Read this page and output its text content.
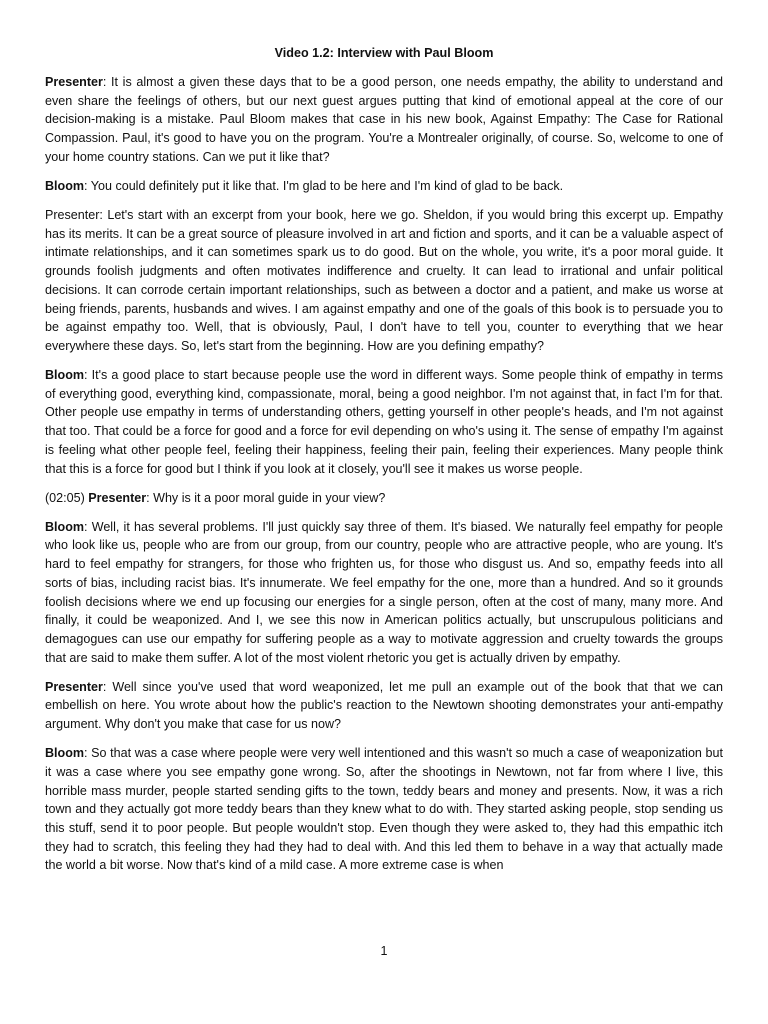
Video 1.2: Interview with Paul Bloom

Presenter: It is almost a given these days that to be a good person, one needs empathy, the ability to understand and even share the feelings of others, but our next guest argues putting that kind of emotional appeal at the core of our decision-making is a mistake. Paul Bloom makes that case in his new book, Against Empathy: The Case for Rational Compassion. Paul, it's good to have you on the program. You're a Montrealer originally, of course. So, welcome to one of your home country stations. Can we put it like that?

Bloom: You could definitely put it like that. I'm glad to be here and I'm kind of glad to be back.

Presenter: Let's start with an excerpt from your book, here we go. Sheldon, if you would bring this excerpt up. Empathy has its merits. It can be a great source of pleasure involved in art and fiction and sports, and it can be a valuable aspect of intimate relationships, and it can sometimes spark us to do good. But on the whole, you write, it's a poor moral guide. It grounds foolish judgments and often motivates indifference and cruelty. It can lead to irrational and unfair political decisions. It can corrode certain important relationships, such as between a doctor and a patient, and make us worse at being friends, parents, husbands and wives. I am against empathy and one of the goals of this book is to persuade you to be against empathy too. Well, that is obviously, Paul, I don't have to tell you, counter to everything that we hear everywhere these days. So, let's start from the beginning. How are you defining empathy?

Bloom: It's a good place to start because people use the word in different ways. Some people think of empathy in terms of everything good, everything kind, compassionate, moral, being a good neighbor. I'm not against that, in fact I'm for that. Other people use empathy in terms of understanding others, getting yourself in other people's heads, and I'm not against that too. That could be a force for good and a force for evil depending on who's using it. The sense of empathy I'm against is feeling what other people feel, feeling their happiness, feeling their pain, feeling their experiences. Many people think that this is a force for good but I think if you look at it closely, you'll see it makes us worse people.

(02:05) Presenter: Why is it a poor moral guide in your view?

Bloom: Well, it has several problems. I'll just quickly say three of them. It's biased. We naturally feel empathy for people who look like us, people who are from our group, from our country, people who are attractive people, who are young. It's hard to feel empathy for strangers, for those who frighten us, for those who disgust us. And so, empathy feeds into all sorts of bias, including racist bias. It's innumerate. We feel empathy for the one, more than a hundred. And so it grounds foolish decisions where we end up focusing our energies for a single person, often at the cost of many, many more. And finally, it could be weaponized. And I, we see this now in American politics actually, but unscrupulous politicians and demagogues can use our empathy for suffering people as a way to motivate aggression and cruelty towards the groups that are said to make them suffer. A lot of the most violent rhetoric you get is actually driven by empathy.

Presenter: Well since you've used that word weaponized, let me pull an example out of the book that that we can embellish on here. You wrote about how the public's reaction to the Newtown shooting demonstrates your anti-empathy argument. Why don't you make that case for us now?

Bloom: So that was a case where people were very well intentioned and this wasn't so much a case of weaponization but it was a case where you see empathy gone wrong. So, after the shootings in Newtown, not far from where I live, this horrible mass murder, people started sending gifts to the town, teddy bears and money and presents. Now, it was a rich town and they actually got more teddy bears than they knew what to do with. They started asking people, stop sending us this stuff, send it to poor people. But people wouldn't stop. Even though they were asked to, they had this empathic itch they had to scratch, this feeling they had they had to deal with. And this led them to behave in a way that actually made the world a bit worse. Now that's kind of a mild case. A more extreme case is when

1
